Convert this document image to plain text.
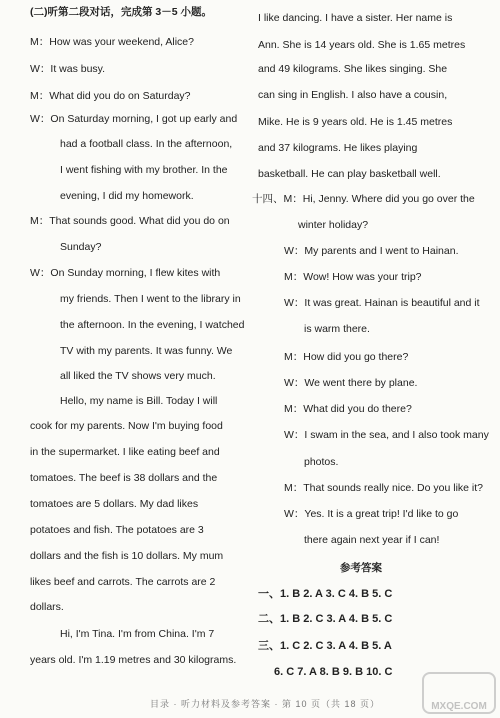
(二)听第二段对话，完成第 3－5 小题。
M：How was your weekend, Alice?
W：It was busy.
M：What did you do on Saturday?
W：On Saturday morning, I got up early and
had a football class. In the afternoon,
I went fishing with my brother. In the
evening, I did my homework.
M：That sounds good. What did you do on
Sunday?
W：On Sunday morning, I flew kites with
my friends. Then I went to the library in
the afternoon. In the evening, I watched
TV with my parents. It was funny. We
all liked the TV shows very much.
Hello, my name is Bill. Today I will
cook for my parents. Now I'm buying food
in the supermarket. I like eating beef and
tomatoes. The beef is 38 dollars and the
tomatoes are 5 dollars. My dad likes
potatoes and fish. The potatoes are 3
dollars and the fish is 10 dollars. My mum
likes beef and carrots. The carrots are 2
dollars.
Hi, I'm Tina. I'm from China. I'm 7
years old. I'm 1.19 metres and 30 kilograms.
I like dancing. I have a sister. Her name is
Ann. She is 14 years old. She is 1.65 metres
and 49 kilograms. She likes singing. She
can sing in English. I also have a cousin,
Mike. He is 9 years old. He is 1.45 metres
and 37 kilograms. He likes playing
basketball. He can play basketball well.
十四、M：Hi, Jenny. Where did you go over the
winter holiday?
W：My parents and I went to Hainan.
M：Wow! How was your trip?
W：It was great. Hainan is beautiful and it
is warm there.
M：How did you go there?
W：We went there by plane.
M：What did you do there?
W：I swam in the sea, and I also took many
photos.
M：That sounds really nice. Do you like it?
W：Yes. It is a great trip! I'd like to go
there again next year if I can!
参考答案
一、1. B 2. A 3. C 4. B 5. C
二、1. B 2. C 3. A 4. B 5. C
三、1. C 2. C 3. A 4. B 5. A
6. C 7. A 8. B 9. B 10. C
目录 · 听力材料及参考答案 · 第 10 页（共 18 页）	MXQE.COM
